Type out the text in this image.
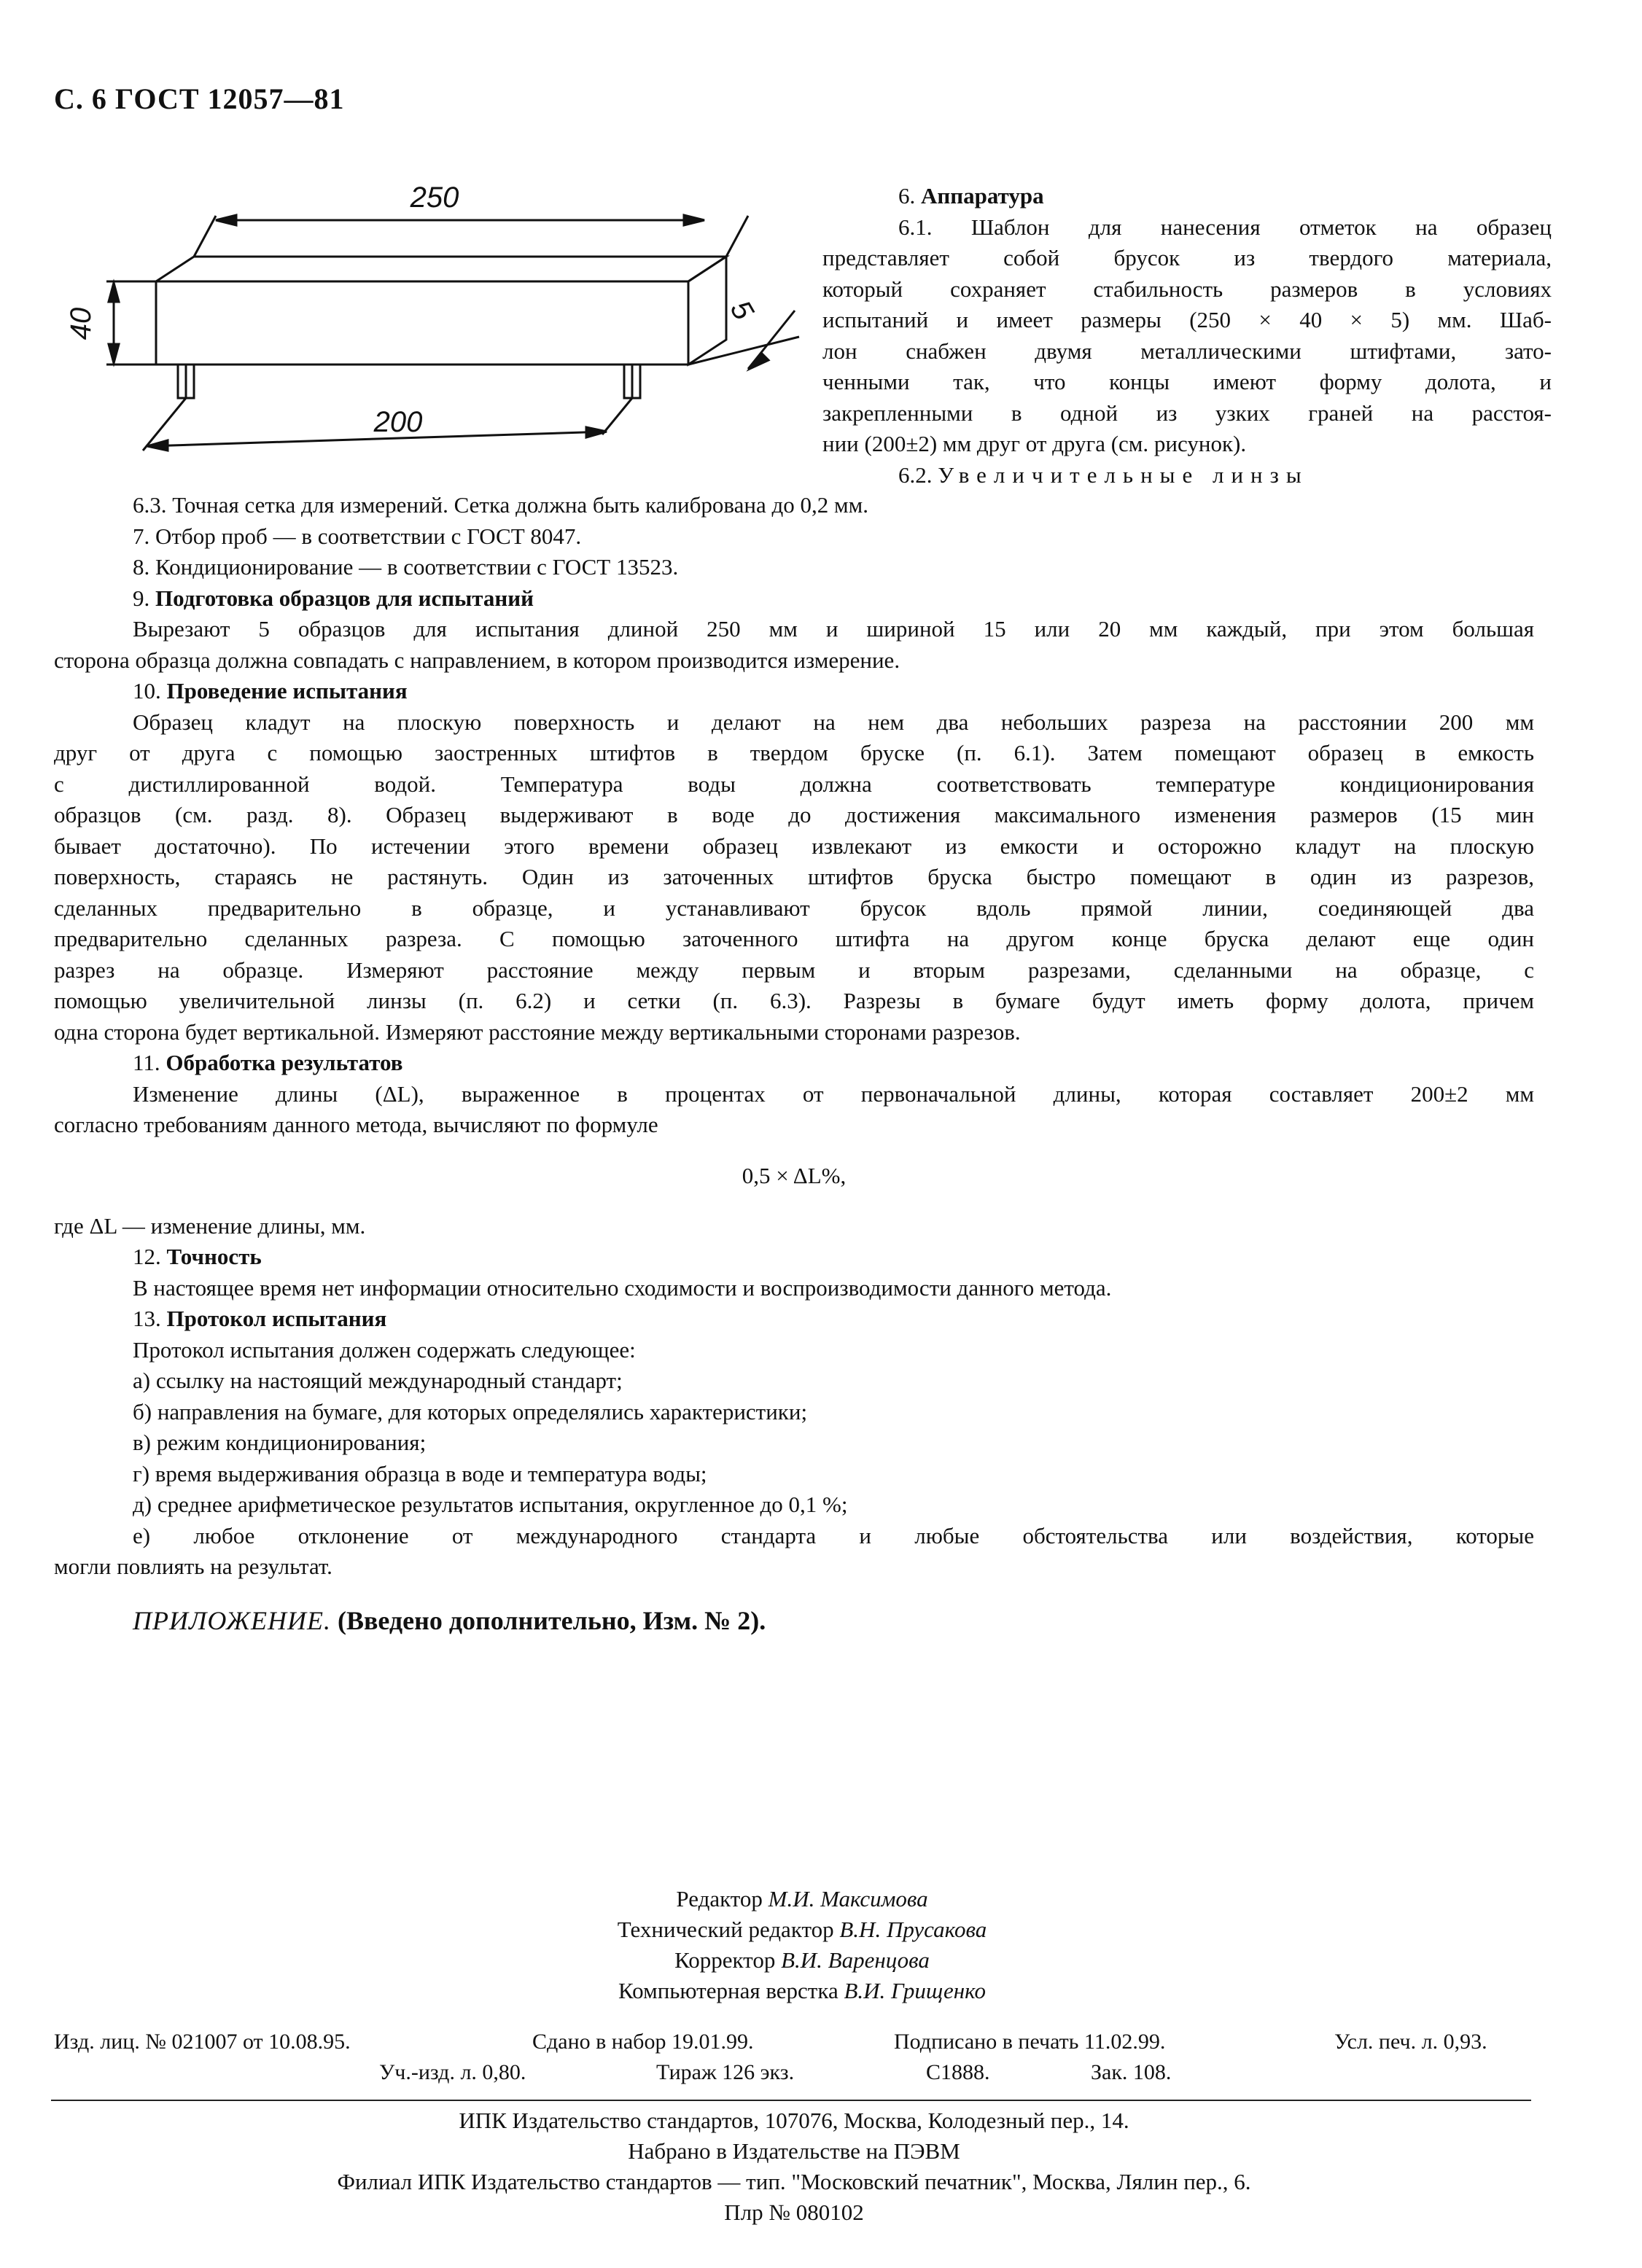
С. 6 ГОСТ 12057—81
250
40	5
200
6. Аппаратура
6.1. Шаблон для нанесения отметок на образец
представляет собой брусок из твердого материала,
который сохраняет стабильность размеров в условиях
испытаний и имеет размеры (250 × 40 × 5) мм. Шаб-
лон снабжен двумя металлическими штифтами, зато-
ченными так, что концы имеют форму долота, и
закрепленными в одной из узких граней на расстоя-
нии (200±2) мм друг от друга (см. рисунок).
6.2. Увеличительные линзы
6.3. Точная сетка для измерений. Сетка должна быть калибрована до 0,2 мм.
7. Отбор проб — в соответствии с ГОСТ 8047.
8. Кондиционирование — в соответствии с ГОСТ 13523.
9. Подготовка образцов для испытаний
Вырезают 5 образцов для испытания длиной 250 мм и шириной 15 или 20 мм каждый, при этом большая
сторона образца должна совпадать с направлением, в котором производится измерение.
10. Проведение испытания
Образец кладут на плоскую поверхность и делают на нем два небольших разреза на расстоянии 200 мм
друг от друга с помощью заостренных штифтов в твердом бруске (п. 6.1). Затем помещают образец в емкость
с дистиллированной водой. Температура воды должна соответствовать температуре кондиционирования
образцов (см. разд. 8). Образец выдерживают в воде до достижения максимального изменения размеров (15 мин
бывает достаточно). По истечении этого времени образец извлекают из емкости и осторожно кладут на плоскую
поверхность, стараясь не растянуть. Один из заточенных штифтов бруска быстро помещают в один из разрезов,
сделанных предварительно в образце, и устанавливают брусок вдоль прямой линии, соединяющей два
предварительно сделанных разреза. С помощью заточенного штифта на другом конце бруска делают еще один
разрез на образце. Измеряют расстояние между первым и вторым разрезами, сделанными на образце, с
помощью увеличительной линзы (п. 6.2) и сетки (п. 6.3). Разрезы в бумаге будут иметь форму долота, причем
одна сторона будет вертикальной. Измеряют расстояние между вертикальными сторонами разрезов.
11. Обработка результатов
Изменение длины (ΔL), выраженное в процентах от первоначальной длины, которая составляет 200±2 мм
согласно требованиям данного метода, вычисляют по формуле
0,5 × ΔL%,
где ΔL — изменение длины, мм.
12. Точность
В настоящее время нет информации относительно сходимости и воспроизводимости данного метода.
13. Протокол испытания
Протокол испытания должен содержать следующее:
а) ссылку на настоящий международный стандарт;
б) направления на бумаге, для которых определялись характеристики;
в) режим кондиционирования;
г) время выдерживания образца в воде и температура воды;
д) среднее арифметическое результатов испытания, округленное до 0,1 %;
е) любое отклонение от международного стандарта и любые обстоятельства или воздействия, которые
могли повлиять на результат.
ПРИЛОЖЕНИЕ. (Введено дополнительно, Изм. № 2).
Редактор М.И. Максимова
Технический редактор В.Н. Прусакова
Корректор В.И. Варенцова
Компьютерная верстка В.И. Грищенко
Изд. лиц. № 021007 от 10.08.95.	Сдано в набор 19.01.99.	Подписано в печать 11.02.99.	Усл. печ. л. 0,93.
Уч.-изд. л. 0,80.	Тираж 126 экз.	С1888.	Зак. 108.
ИПК Издательство стандартов, 107076, Москва, Колодезный пер., 14.
Набрано в Издательстве на ПЭВМ
Филиал ИПК Издательство стандартов — тип. "Московский печатник", Москва, Лялин пер., 6.
Плр № 080102
